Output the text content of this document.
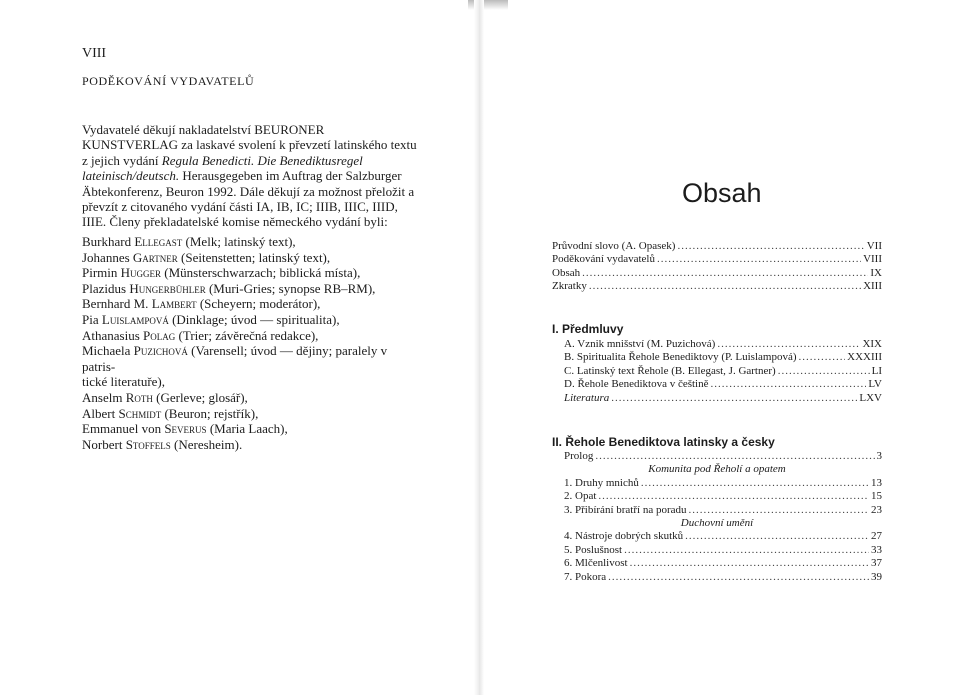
VIII
PODĚKOVÁNÍ VYDAVATELŮ

Vydavatelé děkují nakladatelství BEURONER KUNSTVERLAG za laskavé svolení k převzetí latinského textu z jejich vydání Regula Benedicti. Die Benediktusregel lateinisch/deutsch. Herausgegeben im Auftrag der Salzburger Äbtekonferenz, Beuron 1992. Dále děkují za možnost přeložit a převzít z citovaného vydání části IA, IB, IC; IIIB, IIIC, IIID, IIIE. Členy překladatelské komise německého vydání byli:

Burkhard Ellegast (Melk; latinský text),
Johannes Gartner (Seitenstetten; latinský text),
Pirmin Hugger (Münsterschwarzach; biblická místa),
Plazidus Hungerbühler (Muri-Gries; synopse RB–RM),
Bernhard M. Lambert (Scheyern; moderátor),
Pia Luislampová (Dinklage; úvod — spiritualita),
Athanasius Polag (Trier; závěrečná redakce),
Michaela Puzichová (Varensell; úvod — dějiny; paralely v patris-
tické literatuře),
Anselm Roth (Gerleve; glosář),
Albert Schmidt (Beuron; rejstřík),
Emmanuel von Severus (Maria Laach),
Norbert Stoffels (Neresheim).
Obsah
Průvodní slovo (A. Opasek) .....	VII
Poděkování vydavatelů .....	VIII
Obsah .....	IX
Zkratky .....	XIII
I. Předmluvy
A. Vznik mnišství (M. Puzichová) .....	XIX
B. Spiritualita Řehole Benediktovy (P. Luislampová) .....	XXXIII
C. Latinský text Řehole (B. Ellegast, J. Gartner) .....	LI
D. Řehole Benediktova v češtině .....	LV
Literatura .....	LXV
II. Řehole Benediktova latinsky a česky
Prolog .....	3
Komunita pod Řeholí a opatem
1. Druhy mnichů .....	13
2. Opat .....	15
3. Přibírání bratří na poradu .....	23
Duchovní umění
4. Nástroje dobrých skutků .....	27
5. Poslušnost .....	33
6. Mlčenlivost .....	37
7. Pokora .....	39
